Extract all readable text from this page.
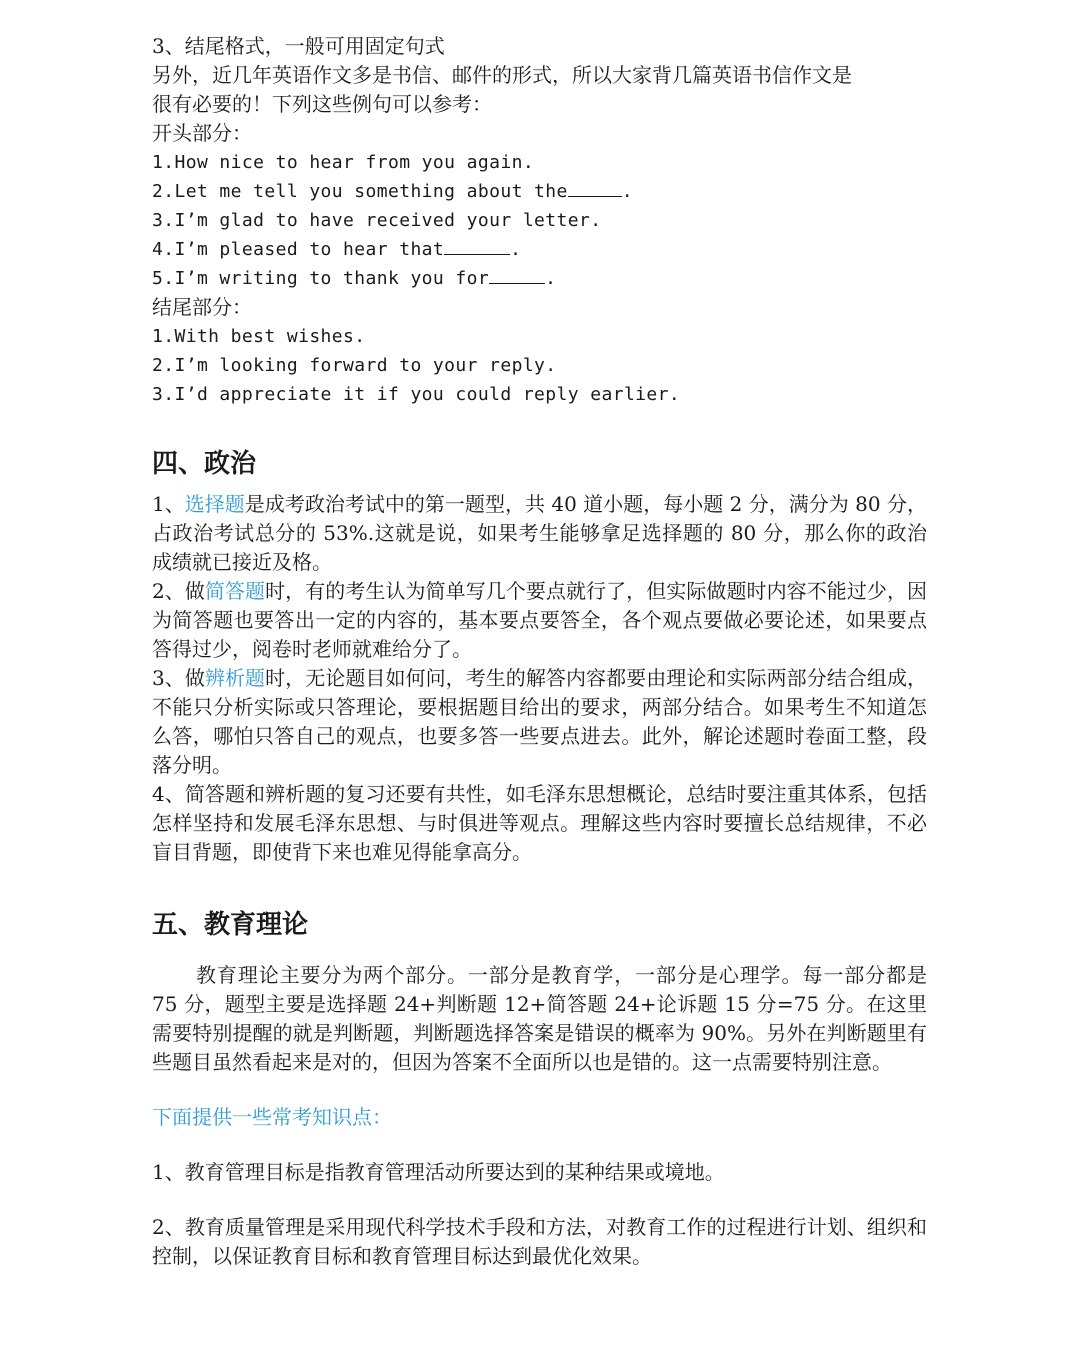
3、结尾格式，一般可用固定句式

另外，近几年英语作文多是书信、邮件的形式，所以大家背几篇英语书信作文是

很有必要的！下列这些例句可以参考：

开头部分：

1.How nice to hear from you again.

2.Let me tell you something about the	.

3.I’m glad to have received your letter.

4.I’m pleased to hear that	.

5.I’m writing to thank you for	.

结尾部分：

1.With best wishes.

2.I’m looking forward to your reply.

3.I’d appreciate it if you could reply earlier.

四、政治

1、选择题是成考政治考试中的第一题型，共 40 道小题，每小题 2 分，满分为 80 分，占政治考试总分的 53%.这就是说，如果考生能够拿足选择题的 80 分，那么你的政治成绩就已接近及格。

2、做简答题时，有的考生认为简单写几个要点就行了，但实际做题时内容不能过少，因为简答题也要答出一定的内容的，基本要点要答全，各个观点要做必要论述，如果要点答得过少，阅卷时老师就难给分了。

3、做辨析题时，无论题目如何问，考生的解答内容都要由理论和实际两部分结合组成，不能只分析实际或只答理论，要根据题目给出的要求，两部分结合。如果考生不知道怎么答，哪怕只答自己的观点，也要多答一些要点进去。此外，解论述题时卷面工整，段落分明。

4、简答题和辨析题的复习还要有共性，如毛泽东思想概论，总结时要注重其体系，包括怎样坚持和发展毛泽东思想、与时俱进等观点。理解这些内容时要擅长总结规律，不必盲目背题，即使背下来也难见得能拿高分。

五、教育理论

教育理论主要分为两个部分。一部分是教育学，一部分是心理学。每一部分都是 75 分，题型主要是选择题 24+判断题 12+简答题 24+论诉题 15 分=75 分。在这里需要特别提醒的就是判断题，判断题选择答案是错误的概率为 90%。另外在判断题里有些题目虽然看起来是对的，但因为答案不全面所以也是错的。这一点需要特别注意。

下面提供一些常考知识点：

1、教育管理目标是指教育管理活动所要达到的某种结果或境地。

2、教育质量管理是采用现代科学技术手段和方法，对教育工作的过程进行计划、组织和控制，以保证教育目标和教育管理目标达到最优化效果。
